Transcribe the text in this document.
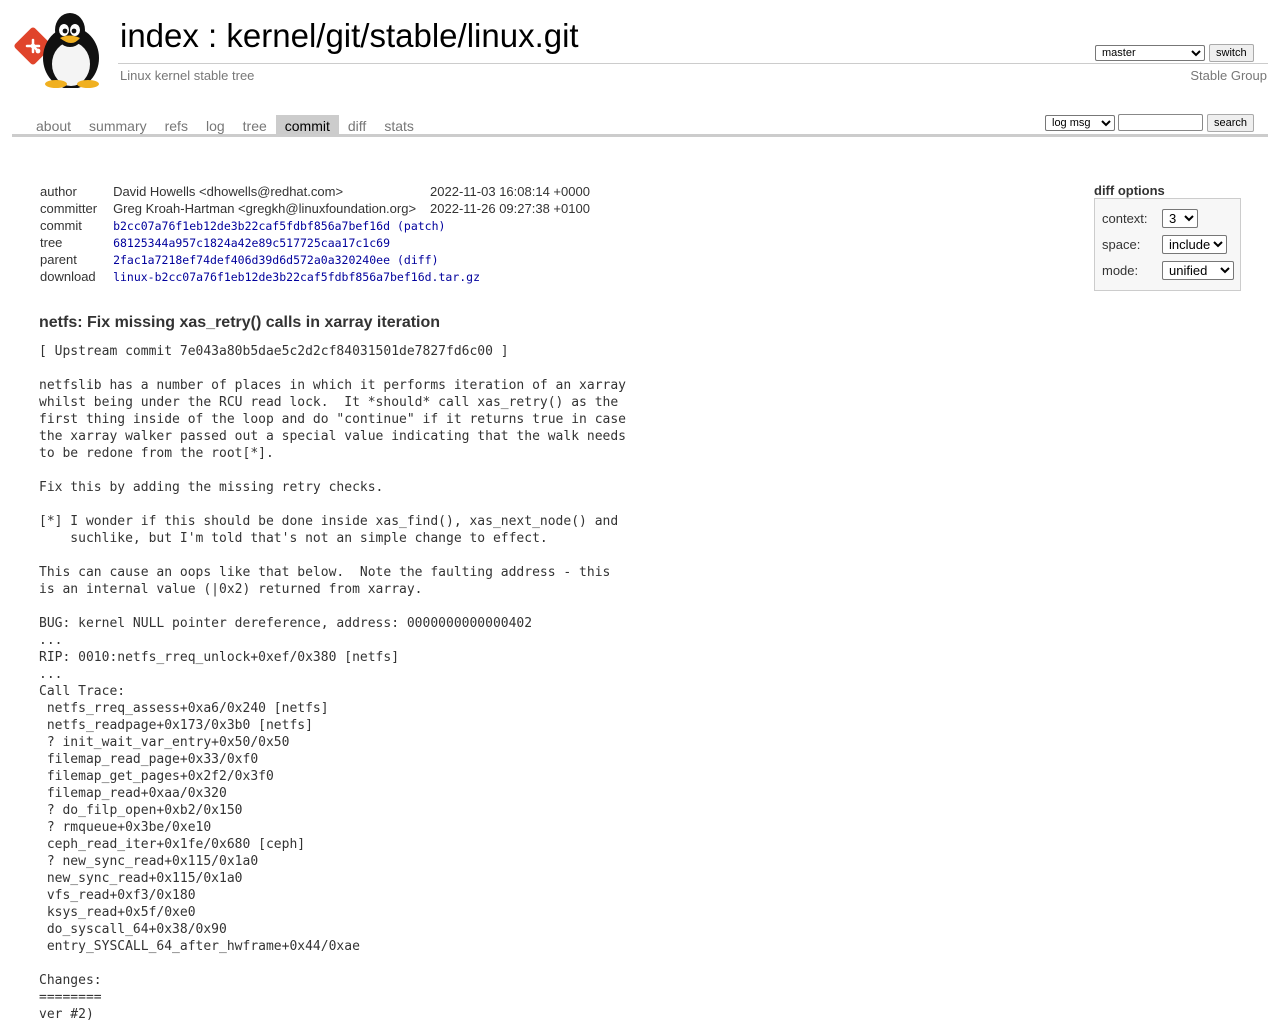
index : kernel/git/stable/linux.git
Linux kernel stable tree	Stable Group
master
switch
about summary refs log tree commit diff stats
log msg	search
author	David Howells <dhowells@redhat.com>	2022-11-03 16:08:14 +0000
committer	Greg Kroah-Hartman <gregkh@linuxfoundation.org>	2022-11-26 09:27:38 +0100
commit	b2cc07a76f1eb12de3b22caf5fdbf856a7bef16d (patch)	
tree	68125344a957c1824a42e89c517725caa17c1c69	
parent	2fac1a7218ef74def406d39d6d572a0a320240ee (diff)	
download	linux-b2cc07a76f1eb12de3b22caf5fdbf856a7bef16d.tar.gz	
diff options
context:
3
space:
include
mode:
unified
netfs: Fix missing xas_retry() calls in xarray iteration
[ Upstream commit 7e043a80b5dae5c2d2cf84031501de7827fd6c00 ]

netfslib has a number of places in which it performs iteration of an xarray
whilst being under the RCU read lock.  It *should* call xas_retry() as the
first thing inside of the loop and do "continue" if it returns true in case
the xarray walker passed out a special value indicating that the walk needs
to be redone from the root[*].

Fix this by adding the missing retry checks.

[*] I wonder if this should be done inside xas_find(), xas_next_node() and
suchlike, but I'm told that's not an simple change to effect.

This can cause an oops like that below.  Note the faulting address - this
is an internal value (|0x2) returned from xarray.

BUG: kernel NULL pointer dereference, address: 0000000000000402
...
RIP: 0010:netfs_rreq_unlock+0xef/0x380 [netfs]
...
Call Trace:
netfs_rreq_assess+0xa6/0x240 [netfs]
netfs_readpage+0x173/0x3b0 [netfs]
? init_wait_var_entry+0x50/0x50
filemap_read_page+0x33/0xf0
filemap_get_pages+0x2f2/0x3f0
filemap_read+0xaa/0x320
? do_filp_open+0xb2/0x150
? rmqueue+0x3be/0xe10
ceph_read_iter+0x1fe/0x680 [ceph]
? new_sync_read+0x115/0x1a0
new_sync_read+0x115/0x1a0
vfs_read+0xf3/0x180
ksys_read+0x5f/0xe0
do_syscall_64+0x38/0x90
entry_SYSCALL_64_after_hwframe+0x44/0xae

Changes:
========
ver #2)
